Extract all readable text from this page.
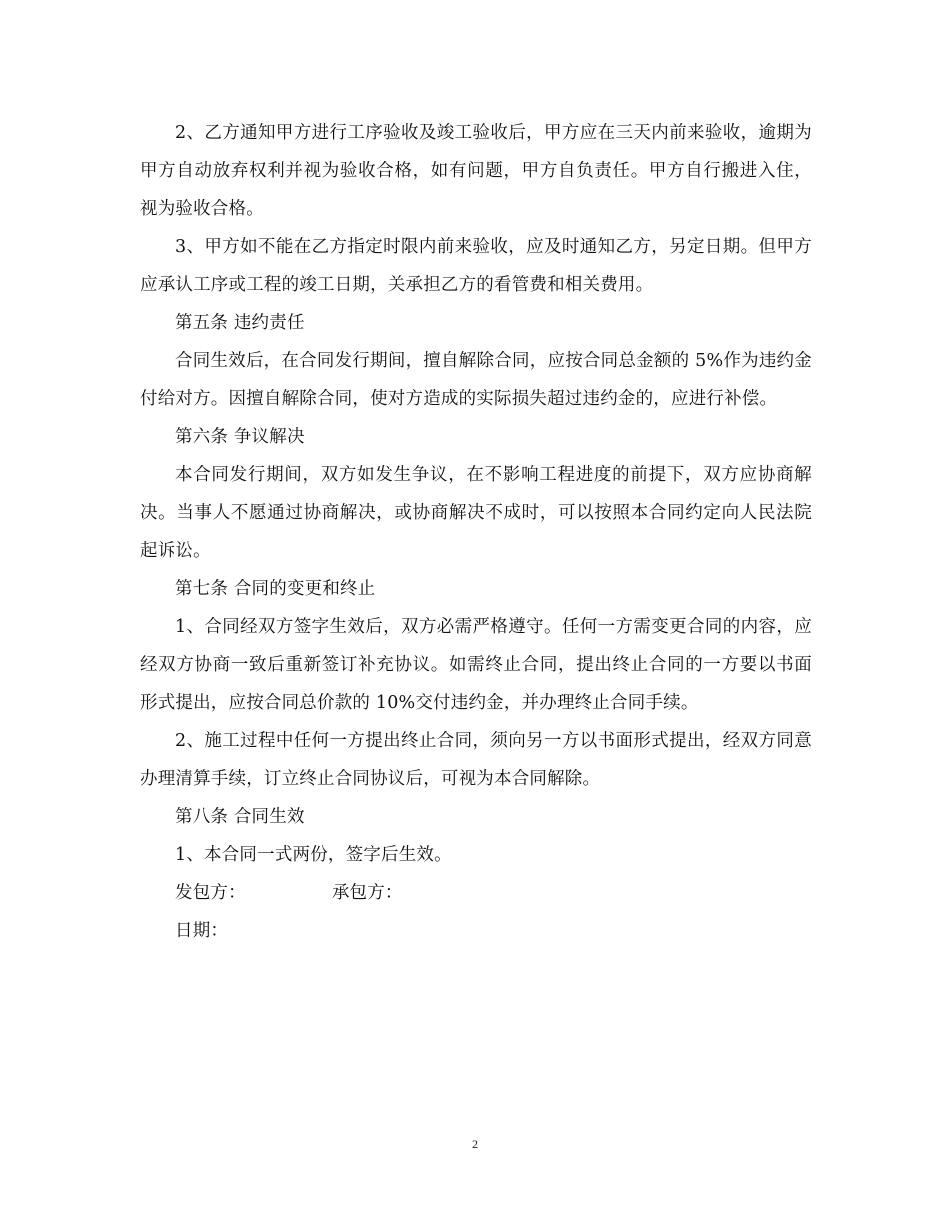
2、乙方通知甲方进行工序验收及竣工验收后，甲方应在三天内前来验收，逾期为甲方自动放弃权利并视为验收合格，如有问题，甲方自负责任。甲方自行搬进入住，视为验收合格。

3、甲方如不能在乙方指定时限内前来验收，应及时通知乙方，另定日期。但甲方应承认工序或工程的竣工日期，关承担乙方的看管费和相关费用。

第五条 违约责任

合同生效后，在合同发行期间，擅自解除合同，应按合同总金额的 5%作为违约金付给对方。因擅自解除合同，使对方造成的实际损失超过违约金的，应进行补偿。

第六条 争议解决

本合同发行期间，双方如发生争议，在不影响工程进度的前提下，双方应协商解决。当事人不愿通过协商解决，或协商解决不成时，可以按照本合同约定向人民法院起诉讼。

第七条 合同的变更和终止

1、合同经双方签字生效后，双方必需严格遵守。任何一方需变更合同的内容，应经双方协商一致后重新签订补充协议。如需终止合同，提出终止合同的一方要以书面形式提出，应按合同总价款的 10%交付违约金，并办理终止合同手续。

2、施工过程中任何一方提出终止合同，须向另一方以书面形式提出，经双方同意办理清算手续，订立终止合同协议后，可视为本合同解除。

第八条 合同生效

1、本合同一式两份，签字后生效。

发包方：	承包方：
日期：
2
